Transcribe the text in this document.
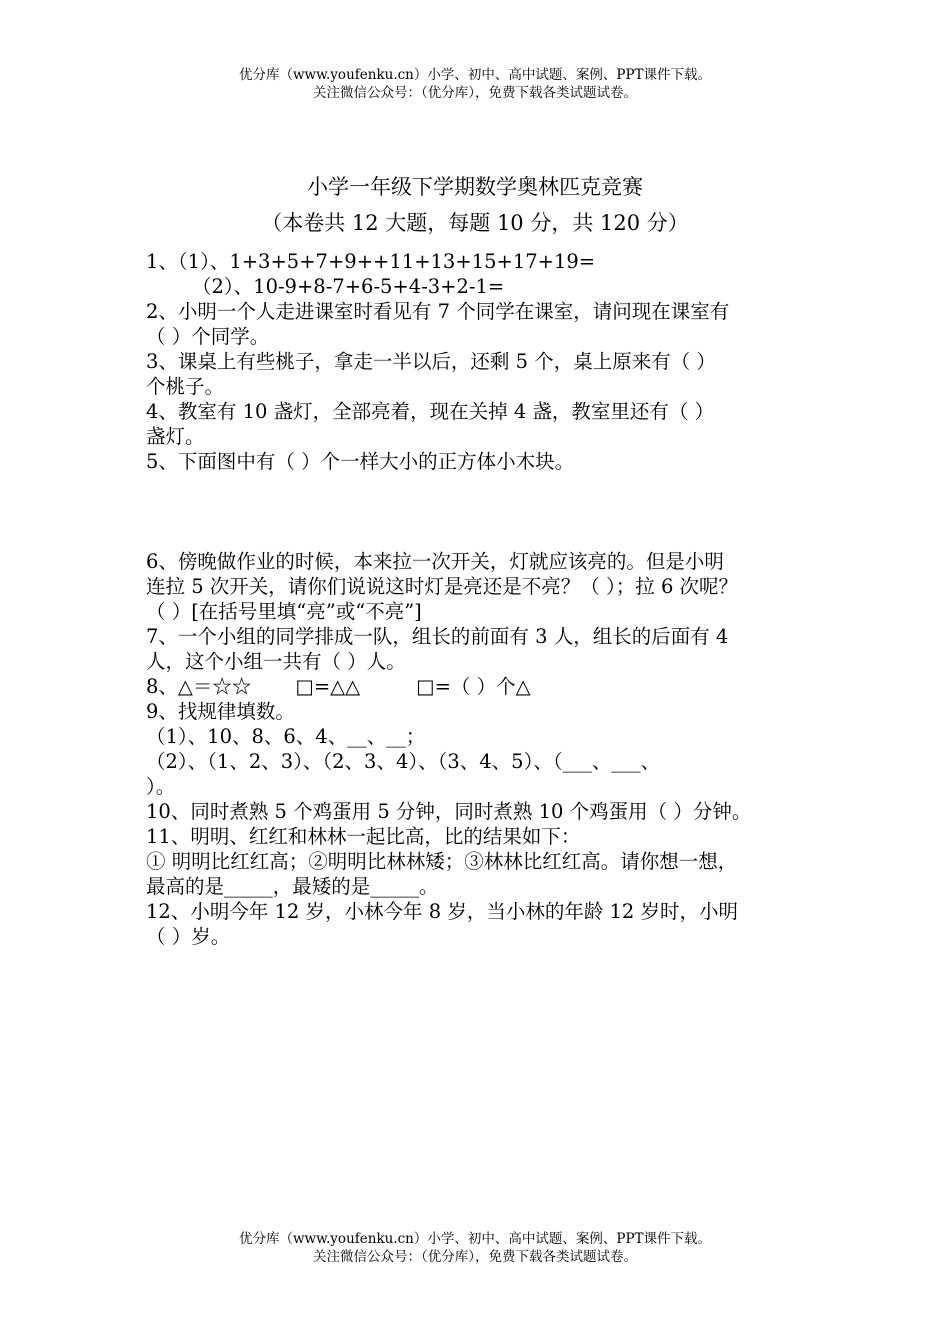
优分库（www.youfenku.cn）小学、初中、高中试题、案例、PPT课件下载。
关注微信公众号：（优分库），免费下载各类试题试卷。
小学一年级下学期数学奥林匹克竞赛
（本卷共 12 大题，每题 10 分，共 120 分）
1、（1）、1+3+5+7+9++11+13+15+17+19=
（2）、10-9+8-7+6-5+4-3+2-1=
2、小明一个人走进课室时看见有 7 个同学在课室，请问现在课室有
（ ）个同学。
3、课桌上有些桃子，拿走一半以后，还剩 5 个，桌上原来有（ ）
个桃子。
4、教室有 10 盏灯，全部亮着，现在关掉 4 盏，教室里还有（ ）
盏灯。
5、下面图中有（ ）个一样大小的正方体小木块。
6、傍晚做作业的时候，本来拉一次开关，灯就应该亮的。但是小明
连拉 5 次开关，请你们说说这时灯是亮还是不亮？（ ）；拉 6 次呢？
（ ）[在括号里填“亮”或“不亮”]
7、一个小组的同学排成一队，组长的前面有 3 人，组长的后面有 4
人，这个小组一共有（ ）人。
8、△＝☆☆ □=△△	□=（ ）个△
9、找规律填数。
（1）、10、8、6、4、__、__；
（2）、（1、2、3）、（2、3、4）、（3、4、5）、（___、___、
）。
10、同时煮熟 5 个鸡蛋用 5 分钟，同时煮熟 10 个鸡蛋用（ ）分钟。
11、明明、红红和林林一起比高，比的结果如下：
① 明明比红红高；②明明比林林矮；③林林比红红高。请你想一想，
最高的是_____，最矮的是_____。
12、小明今年 12 岁，小林今年 8 岁，当小林的年龄 12 岁时，小明
（ ）岁。
优分库（www.youfenku.cn）小学、初中、高中试题、案例、PPT课件下载。
关注微信公众号：（优分库），免费下载各类试题试卷。
